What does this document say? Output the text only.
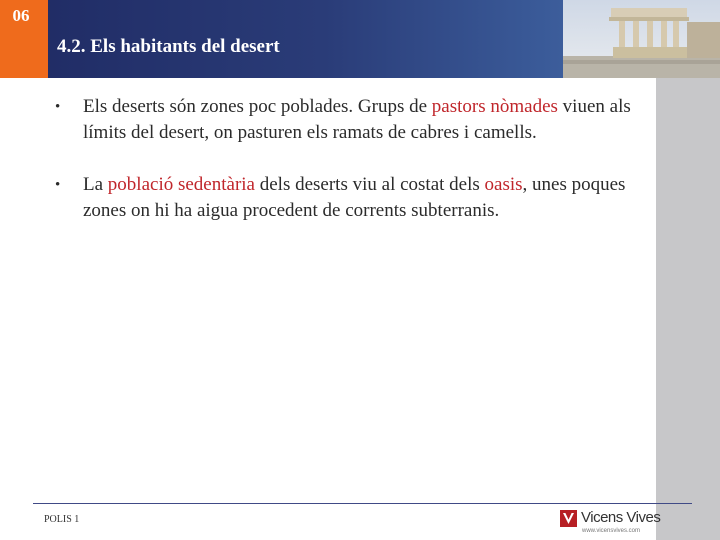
06
4.2. Els habitants del desert
• Els deserts són zones poc poblades. Grups de pastors nòmades viuen als límits del desert, on pasturen els ramats de cabres i camells.
• La població sedentària dels deserts viu al costat dels oasis, unes poques zones on hi ha aigua procedent de corrents subterranis.
POLIS 1	Vicens Vives
www.vicensvives.com
